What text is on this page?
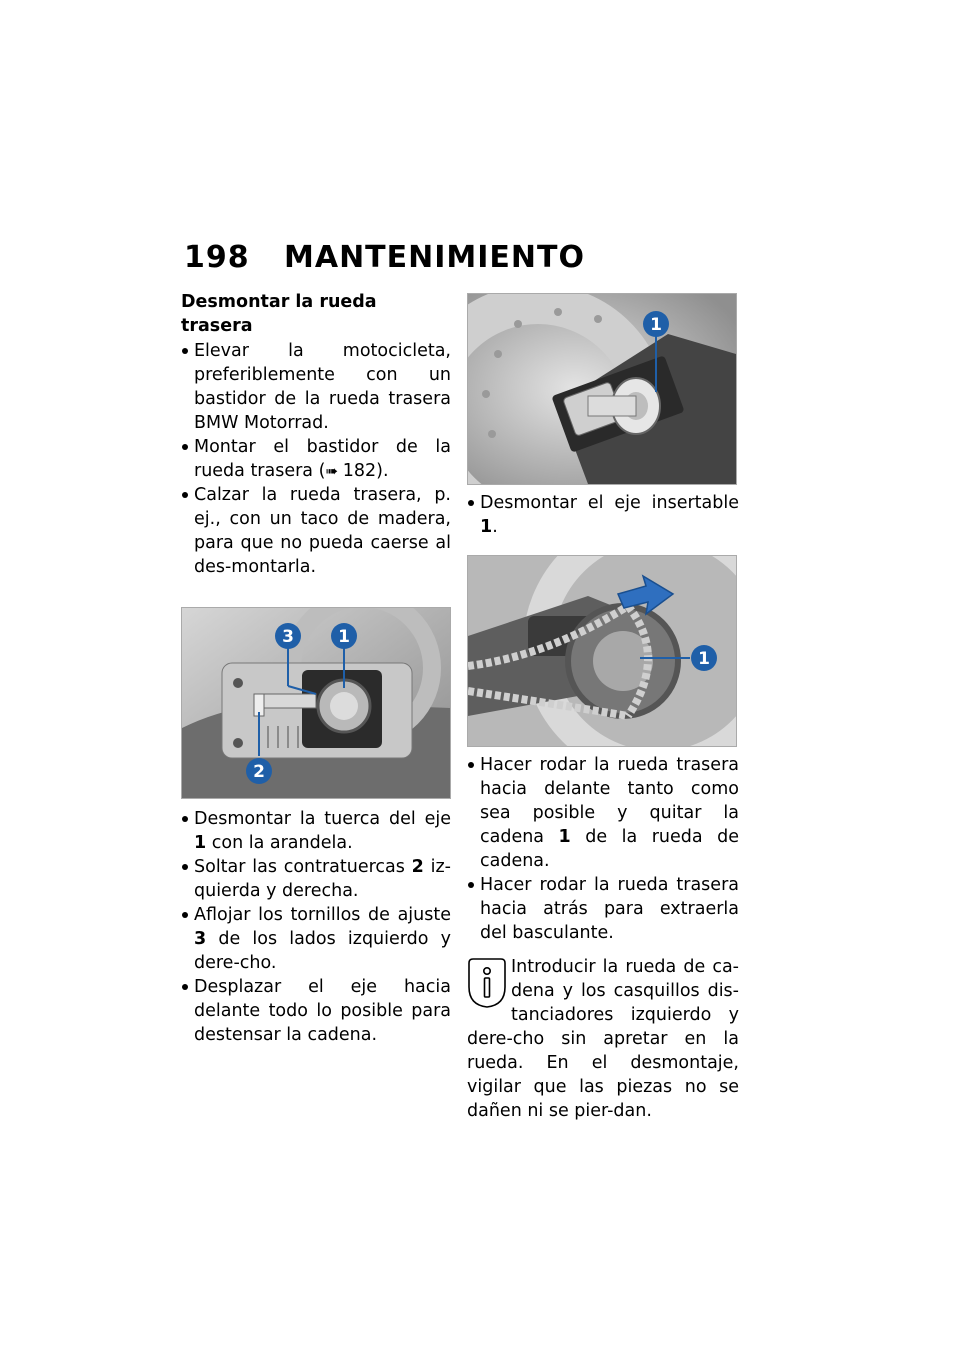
198 MANTENIMIENTO
Desmontar la rueda trasera
Elevar la motocicleta, preferiblemente con un bastidor de la rueda trasera BMW Motorrad.
Montar el bastidor de la rueda trasera (➠ 182).
Calzar la rueda trasera, p. ej., con un taco de madera, para que no pueda caerse al des-montarla.
3	1
2
Desmontar la tuerca del eje 1 con la arandela.
Soltar las contratuercas 2 iz-quierda y derecha.
Aflojar los tornillos de ajuste 3 de los lados izquierdo y dere-cho.
Desplazar el eje hacia delante todo lo posible para destensar la cadena.
1
Desmontar el eje insertable 1.
1
Hacer rodar la rueda trasera hacia delante tanto como sea posible y quitar la cadena 1 de la rueda de cadena.
Hacer rodar la rueda trasera hacia atrás para extraerla del basculante.
Introducir la rueda de ca-dena y los casquillos dis-tanciadores izquierdo y dere-cho sin apretar en la rueda. En el desmontaje, vigilar que las piezas no se dañen ni se pier-dan.
